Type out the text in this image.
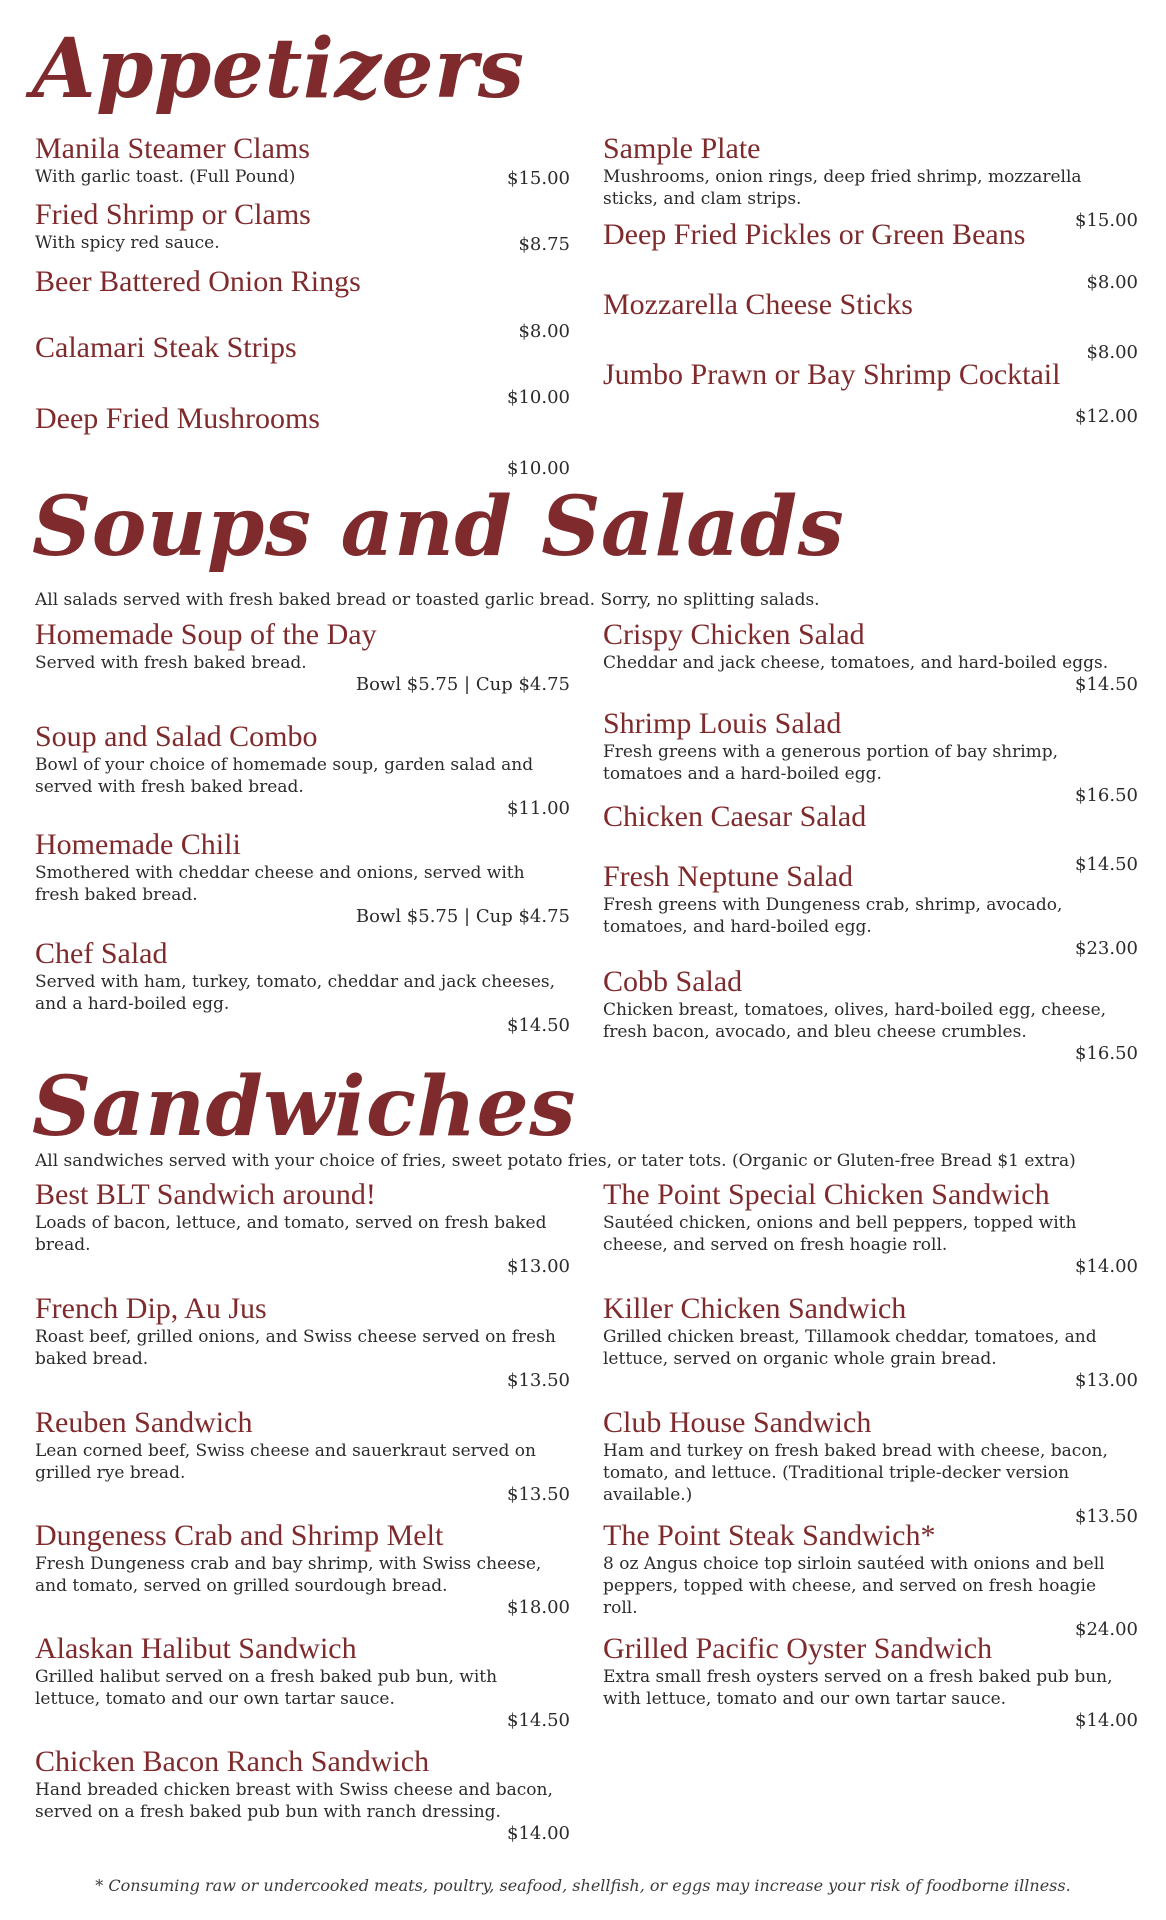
Appetizers
Soups and Salads
Sandwiches
All salads served with fresh baked bread or toasted garlic bread. Sorry, no splitting salads.
All sandwiches served with your choice of fries, sweet potato fries, or tater tots. (Organic or Gluten-free Bread $1 extra)
Manila Steamer Clams
With garlic toast. (Full Pound)	$15.00
Fried Shrimp or Clams
With spicy red sauce.	$8.75
Beer Battered Onion Rings
$8.00
Calamari Steak Strips
$10.00
Deep Fried Mushrooms
$10.00
Sample Plate
Mushrooms, onion rings, deep fried shrimp, mozzarella sticks, and clam strips.
$15.00
Deep Fried Pickles or Green Beans
$8.00
Mozzarella Cheese Sticks
$8.00
Jumbo Prawn or Bay Shrimp Cocktail
$12.00
Homemade Soup of the Day
Served with fresh baked bread.
Bowl $5.75 | Cup $4.75
Soup and Salad Combo
Bowl of your choice of homemade soup, garden salad and served with fresh baked bread.
$11.00
Homemade Chili
Smothered with cheddar cheese and onions, served with fresh baked bread.
Bowl $5.75 | Cup $4.75
Chef Salad
Served with ham, turkey, tomato, cheddar and jack cheeses, and a hard-boiled egg.
$14.50
Crispy Chicken Salad
Cheddar and jack cheese, tomatoes, and hard-boiled eggs.
$14.50
Shrimp Louis Salad
Fresh greens with a generous portion of bay shrimp, tomatoes and a hard-boiled egg.
$16.50
Chicken Caesar Salad
$14.50
Fresh Neptune Salad
Fresh greens with Dungeness crab, shrimp, avocado, tomatoes, and hard-boiled egg.
$23.00
Cobb Salad
Chicken breast, tomatoes, olives, hard-boiled egg, cheese, fresh bacon, avocado, and bleu cheese crumbles.
$16.50
Best BLT Sandwich around!
Loads of bacon, lettuce, and tomato, served on fresh baked bread.
$13.00
French Dip, Au Jus
Roast beef, grilled onions, and Swiss cheese served on fresh baked bread.
$13.50
Reuben Sandwich
Lean corned beef, Swiss cheese and sauerkraut served on grilled rye bread.
$13.50
Dungeness Crab and Shrimp Melt
Fresh Dungeness crab and bay shrimp, with Swiss cheese, and tomato, served on grilled sourdough bread.
$18.00
Alaskan Halibut Sandwich
Grilled halibut served on a fresh baked pub bun, with lettuce, tomato and our own tartar sauce.
$14.50
Chicken Bacon Ranch Sandwich
Hand breaded chicken breast with Swiss cheese and bacon, served on a fresh baked pub bun with ranch dressing.
$14.00
The Point Special Chicken Sandwich
Sautéed chicken, onions and bell peppers, topped with cheese, and served on fresh hoagie roll.
$14.00
Killer Chicken Sandwich
Grilled chicken breast, Tillamook cheddar, tomatoes, and lettuce, served on organic whole grain bread.
$13.00
Club House Sandwich
Ham and turkey on fresh baked bread with cheese, bacon, tomato, and lettuce. (Traditional triple-decker version available.)
$13.50
The Point Steak Sandwich*
8 oz Angus choice top sirloin sautéed with onions and bell peppers, topped with cheese, and served on fresh hoagie roll.
$24.00
Grilled Pacific Oyster Sandwich
Extra small fresh oysters served on a fresh baked pub bun, with lettuce, tomato and our own tartar sauce.
$14.00
* Consuming raw or undercooked meats, poultry, seafood, shellfish, or eggs may increase your risk of foodborne illness.
